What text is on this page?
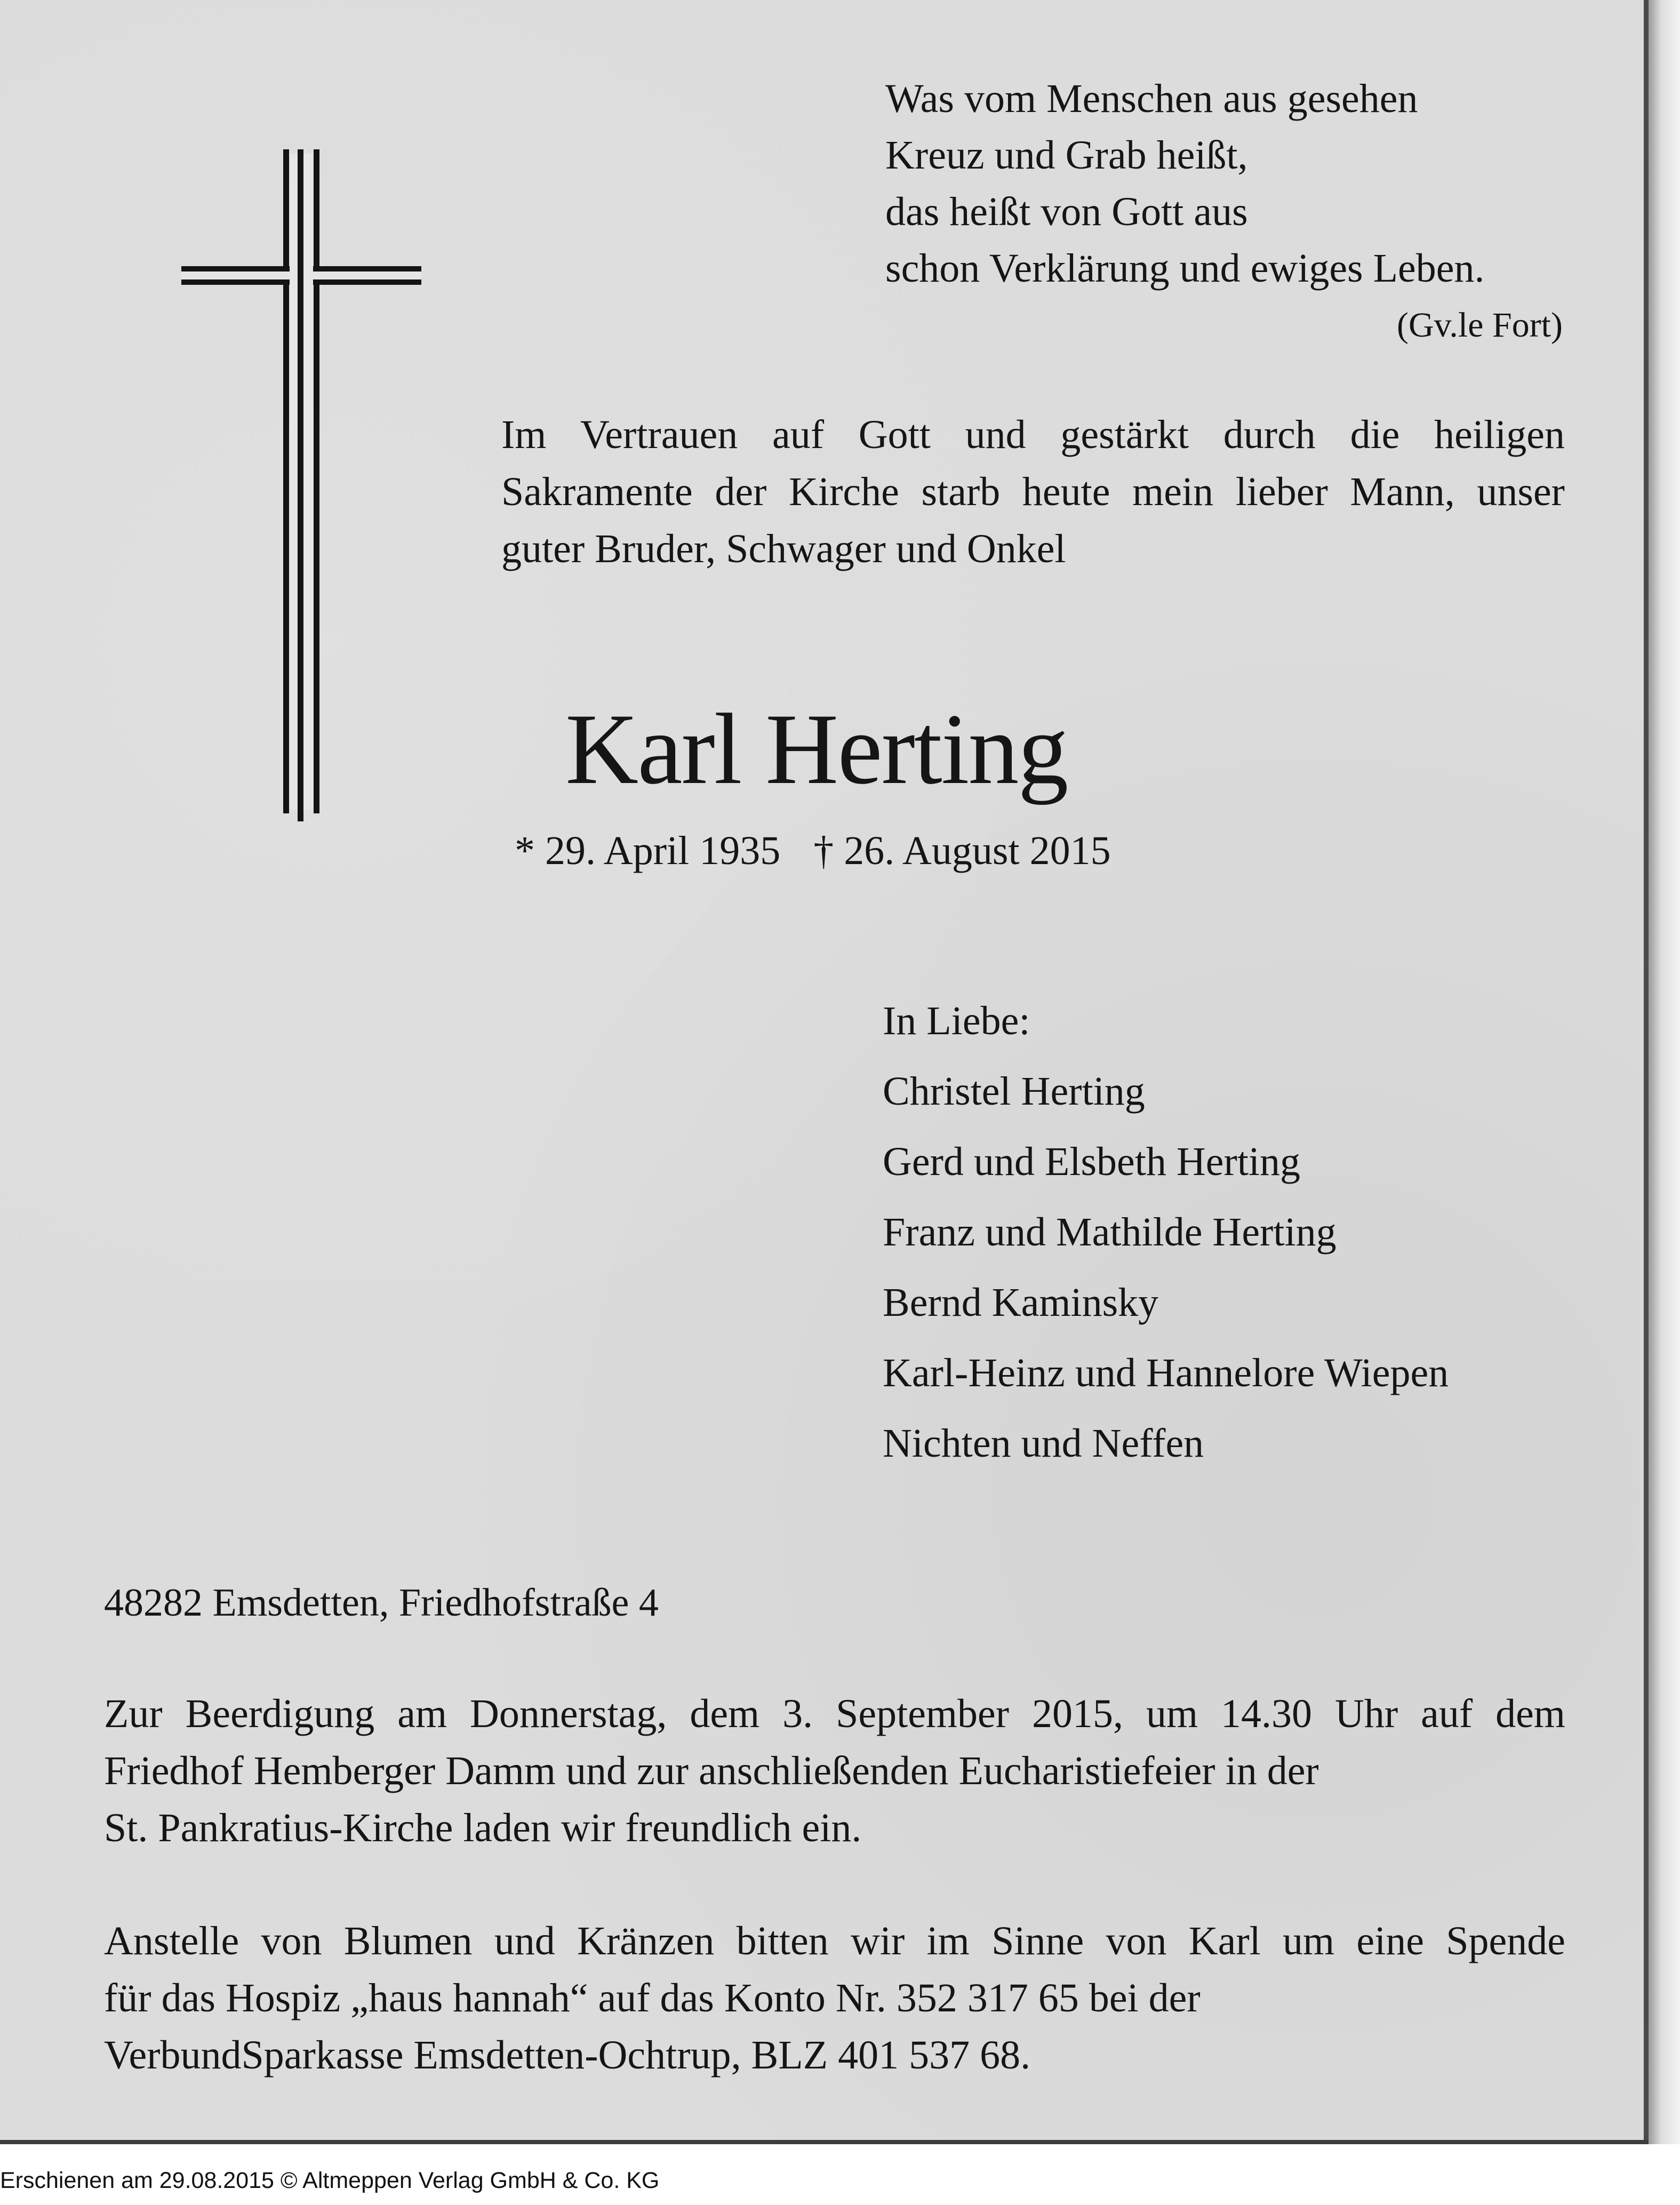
Was vom Menschen aus gesehen
Kreuz und Grab heißt,
das heißt von Gott aus
schon Verklärung und ewiges Leben.
(Gv.le Fort)
Im Vertrauen auf Gott und gestärkt durch die heiligen
Sakramente der Kirche starb heute mein lieber Mann, unser
guter Bruder, Schwager und Onkel
Karl Herting
* 29. April 1935 † 26. August 2015
In Liebe:
Christel Herting
Gerd und Elsbeth Herting
Franz und Mathilde Herting
Bernd Kaminsky
Karl-Heinz und Hannelore Wiepen
Nichten und Neffen
48282 Emsdetten, Friedhofstraße 4
Zur Beerdigung am Donnerstag, dem 3. September 2015, um 14.30 Uhr auf dem
Friedhof Hemberger Damm und zur anschließenden Eucharistiefeier in der
St. Pankratius-Kirche laden wir freundlich ein.
Anstelle von Blumen und Kränzen bitten wir im Sinne von Karl um eine Spende
für das Hospiz „haus hannah“ auf das Konto Nr. 352 317 65 bei der
VerbundSparkasse Emsdetten-Ochtrup, BLZ 401 537 68.
Erschienen am 29.08.2015 © Altmeppen Verlag GmbH & Co. KG
